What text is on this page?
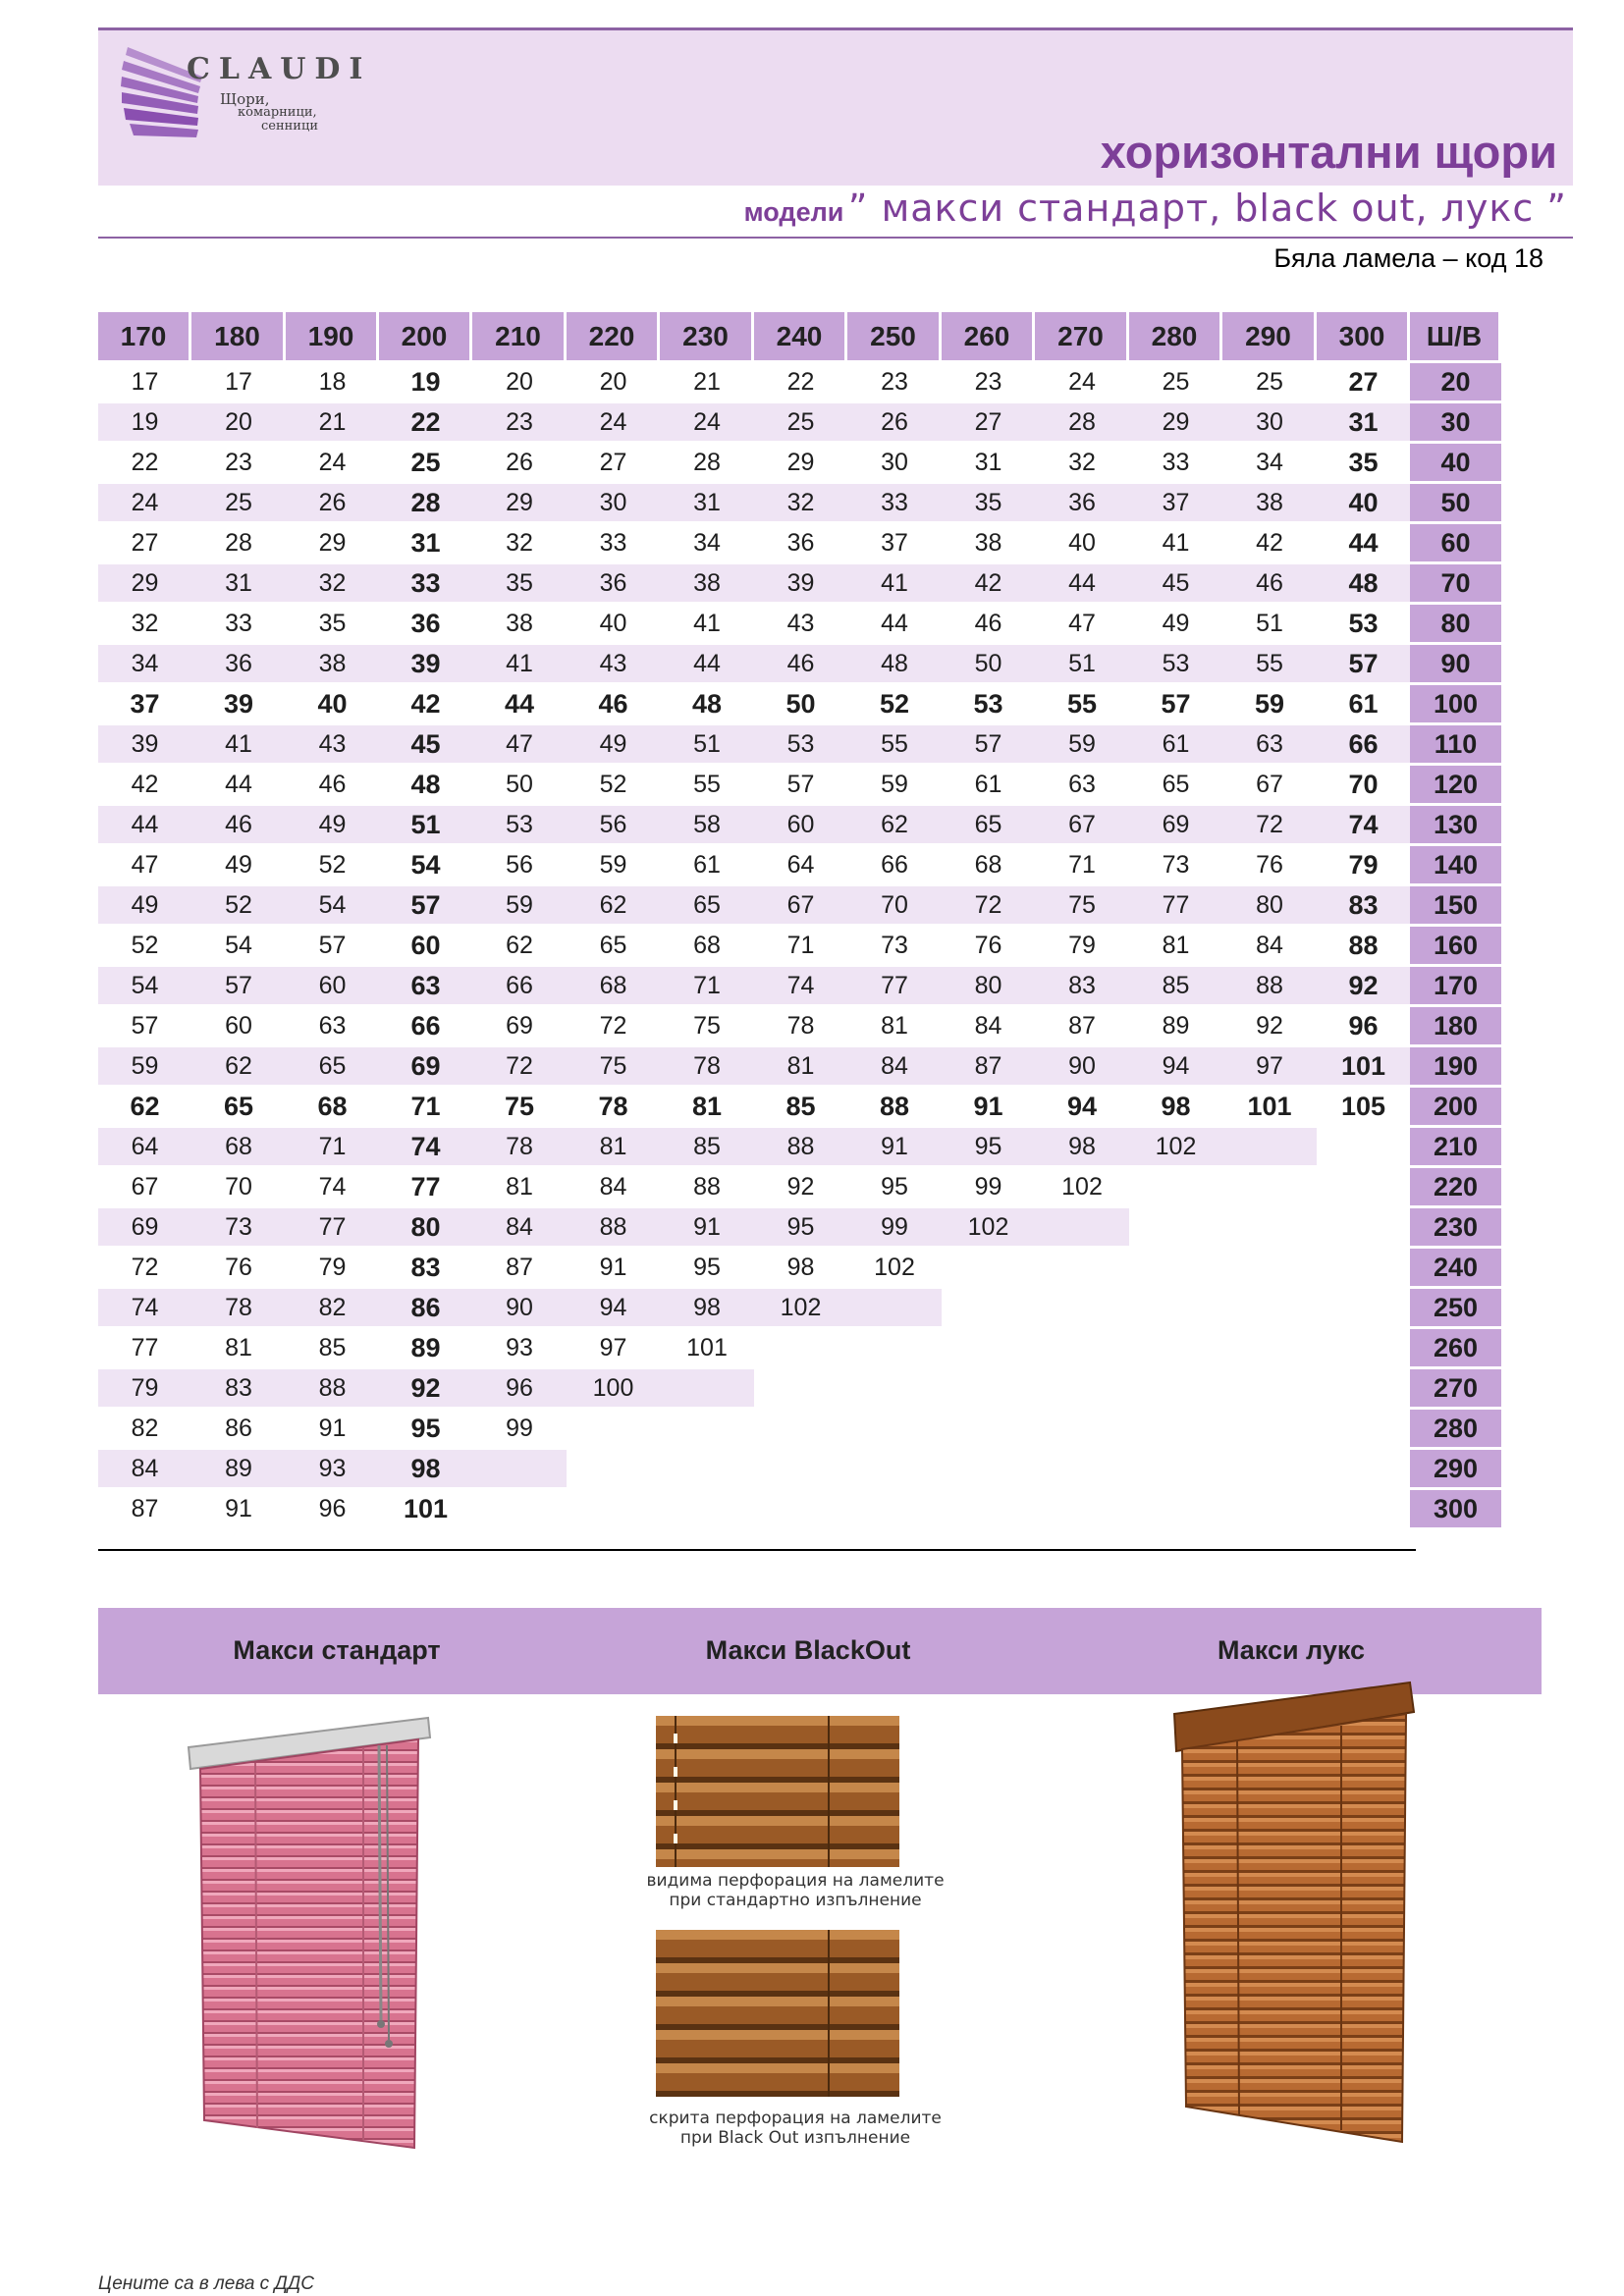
CLAUDI
Щори,
комарници,
сенници	хоризонтални щори
модели ” макси стандарт, black out, лукс ”
Бяла ламела – код 18
170	180	190	200	210	220	230	240	250	260	270	280	290	300	Ш/В
17	17	18	19	20	20	21	22	23	23	24	25	25	27	20
19	20	21	22	23	24	24	25	26	27	28	29	30	31	30
22	23	24	25	26	27	28	29	30	31	32	33	34	35	40
24	25	26	28	29	30	31	32	33	35	36	37	38	40	50
27	28	29	31	32	33	34	36	37	38	40	41	42	44	60
29	31	32	33	35	36	38	39	41	42	44	45	46	48	70
32	33	35	36	38	40	41	43	44	46	47	49	51	53	80
34	36	38	39	41	43	44	46	48	50	51	53	55	57	90
37	39	40	42	44	46	48	50	52	53	55	57	59	61	100
39	41	43	45	47	49	51	53	55	57	59	61	63	66	110
42	44	46	48	50	52	55	57	59	61	63	65	67	70	120
44	46	49	51	53	56	58	60	62	65	67	69	72	74	130
47	49	52	54	56	59	61	64	66	68	71	73	76	79	140
49	52	54	57	59	62	65	67	70	72	75	77	80	83	150
52	54	57	60	62	65	68	71	73	76	79	81	84	88	160
54	57	60	63	66	68	71	74	77	80	83	85	88	92	170
57	60	63	66	69	72	75	78	81	84	87	89	92	96	180
59	62	65	69	72	75	78	81	84	87	90	94	97	101	190
62	65	68	71	75	78	81	85	88	91	94	98	101	105	200
64	68	71	74	78	81	85	88	91	95	98	102			210
67	70	74	77	81	84	88	92	95	99	102				220
69	73	77	80	84	88	91	95	99	102					230
72	76	79	83	87	91	95	98	102						240
74	78	82	86	90	94	98	102							250
77	81	85	89	93	97	101								260
79	83	88	92	96	100									270
82	86	91	95	99										280
84	89	93	98											290
87	91	96	101											300
Макси стандарт	Макси BlackOut	Макси лукс
видима перфорация на ламелите
при стандартно изпълнение
скрита перфорация на ламелите
при Black Out изпълнение
Цените са в лева с ДДС
